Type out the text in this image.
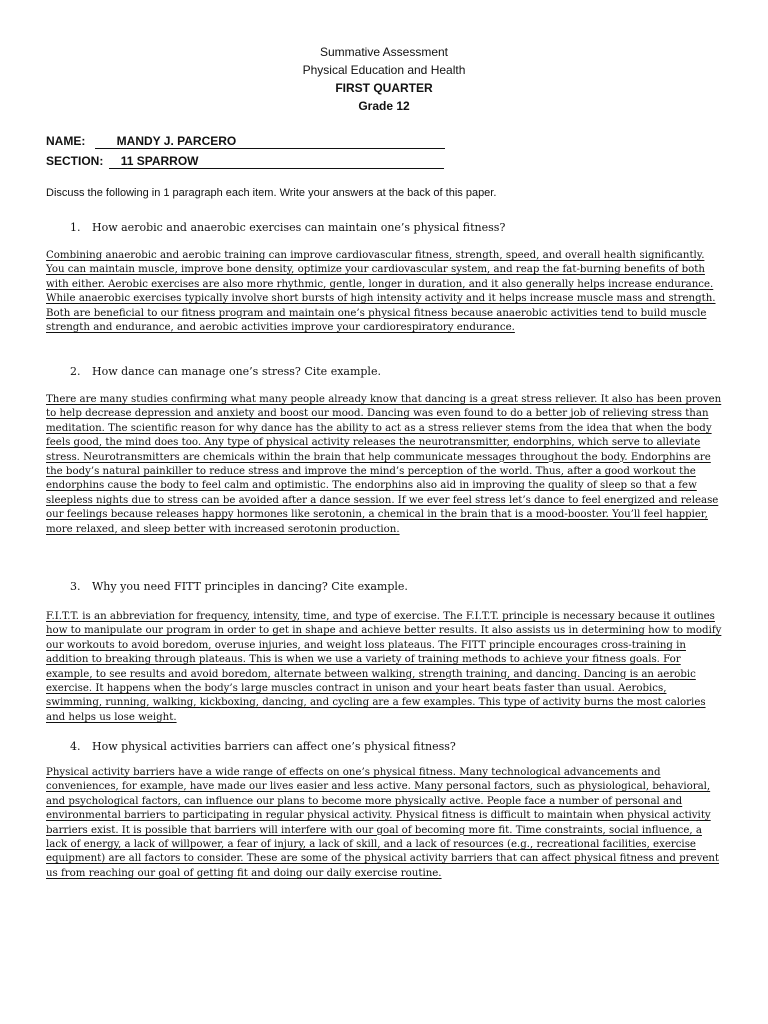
Summative Assessment
Physical Education and Health
FIRST QUARTER
Grade 12
NAME:	MANDY J. PARCERO
SECTION: 11 SPARROW
Discuss the following in 1 paragraph each item. Write your answers at the back of this paper.
1. How aerobic and anaerobic exercises can maintain one’s physical fitness?
Combining anaerobic and aerobic training can improve cardiovascular fitness, strength, speed, and overall health significantly. You can maintain muscle, improve bone density, optimize your cardiovascular system, and reap the fat-burning benefits of both with either. Aerobic exercises are also more rhythmic, gentle, longer in duration, and it also generally helps increase endurance. While anaerobic exercises typically involve short bursts of high intensity activity and it helps increase muscle mass and strength. Both are beneficial to our fitness program and maintain one’s physical fitness because anaerobic activities tend to build muscle strength and endurance, and aerobic activities improve your cardiorespiratory endurance.
2. How dance can manage one’s stress? Cite example.
There are many studies confirming what many people already know that dancing is a great stress reliever. It also has been proven to help decrease depression and anxiety and boost our mood. Dancing was even found to do a better job of relieving stress than meditation. The scientific reason for why dance has the ability to act as a stress reliever stems from the idea that when the body feels good, the mind does too. Any type of physical activity releases the neurotransmitter, endorphins, which serve to alleviate stress. Neurotransmitters are chemicals within the brain that help communicate messages throughout the body. Endorphins are the body’s natural painkiller to reduce stress and improve the mind’s perception of the world. Thus, after a good workout the endorphins cause the body to feel calm and optimistic. The endorphins also aid in improving the quality of sleep so that a few sleepless nights due to stress can be avoided after a dance session. If we ever feel stress let’s dance to feel energized and release our feelings because releases happy hormones like serotonin, a chemical in the brain that is a mood-booster. You’ll feel happier, more relaxed, and sleep better with increased serotonin production.
3. Why you need FITT principles in dancing? Cite example.
F.I.T.T. is an abbreviation for frequency, intensity, time, and type of exercise. The F.I.T.T. principle is necessary because it outlines how to manipulate our program in order to get in shape and achieve better results. It also assists us in determining how to modify our workouts to avoid boredom, overuse injuries, and weight loss plateaus. The FITT principle encourages cross-training in addition to breaking through plateaus. This is when we use a variety of training methods to achieve your fitness goals. For example, to see results and avoid boredom, alternate between walking, strength training, and dancing. Dancing is an aerobic exercise. It happens when the body’s large muscles contract in unison and your heart beats faster than usual. Aerobics, swimming, running, walking, kickboxing, dancing, and cycling are a few examples. This type of activity burns the most calories and helps us lose weight.
4. How physical activities barriers can affect one’s physical fitness?
Physical activity barriers have a wide range of effects on one’s physical fitness. Many technological advancements and conveniences, for example, have made our lives easier and less active. Many personal factors, such as physiological, behavioral, and psychological factors, can influence our plans to become more physically active. People face a number of personal and environmental barriers to participating in regular physical activity. Physical fitness is difficult to maintain when physical activity barriers exist. It is possible that barriers will interfere with our goal of becoming more fit. Time constraints, social influence, a lack of energy, a lack of willpower, a fear of injury, a lack of skill, and a lack of resources (e.g., recreational facilities, exercise equipment) are all factors to consider. These are some of the physical activity barriers that can affect physical fitness and prevent us from reaching our goal of getting fit and doing our daily exercise routine.
